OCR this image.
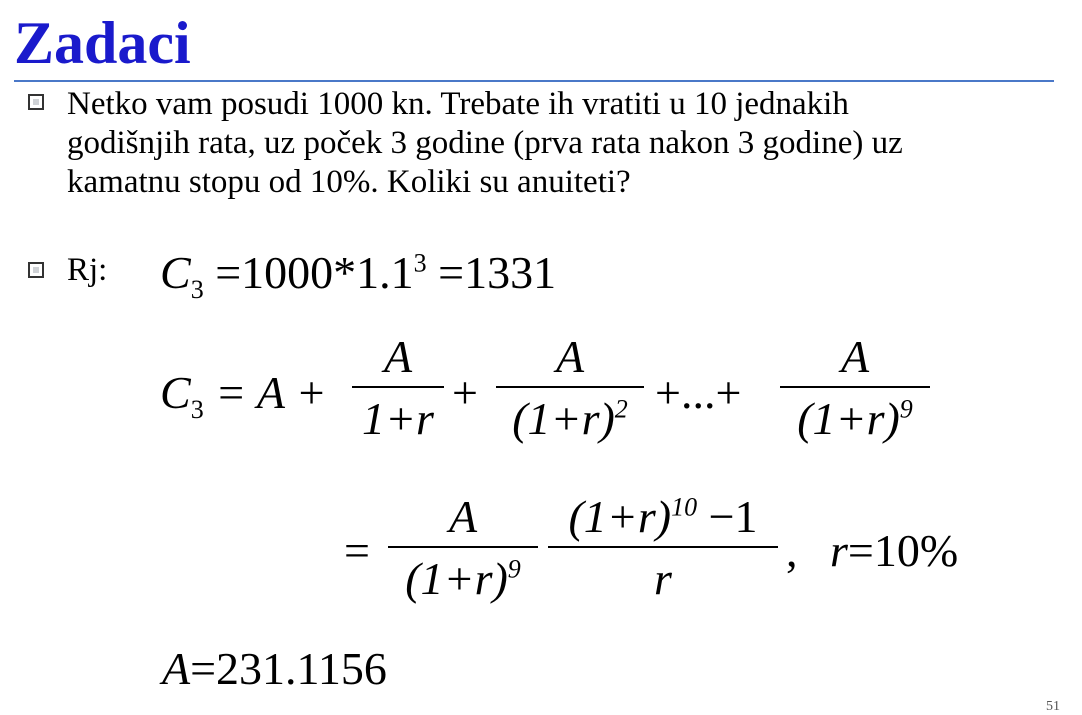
Zadaci
Netko vam posudi 1000 kn. Trebate ih vratiti u 10 jednakih
godišnjih rata, uz poček 3 godine (prva rata nakon 3 godine) uz
kamatnu stopu od 10%. Koliki su anuiteti?
Rj: $C_3 =1000*1.1^3 =1331$
$C_3 = A$ +
A
1+r
+
A
$(1+r)^2$ +...+
A
$(1+r)^9$
=
A
$(1+r)^9$
$(1+r)^{10} -1$
r
, r=10%
A=231.1156
51
